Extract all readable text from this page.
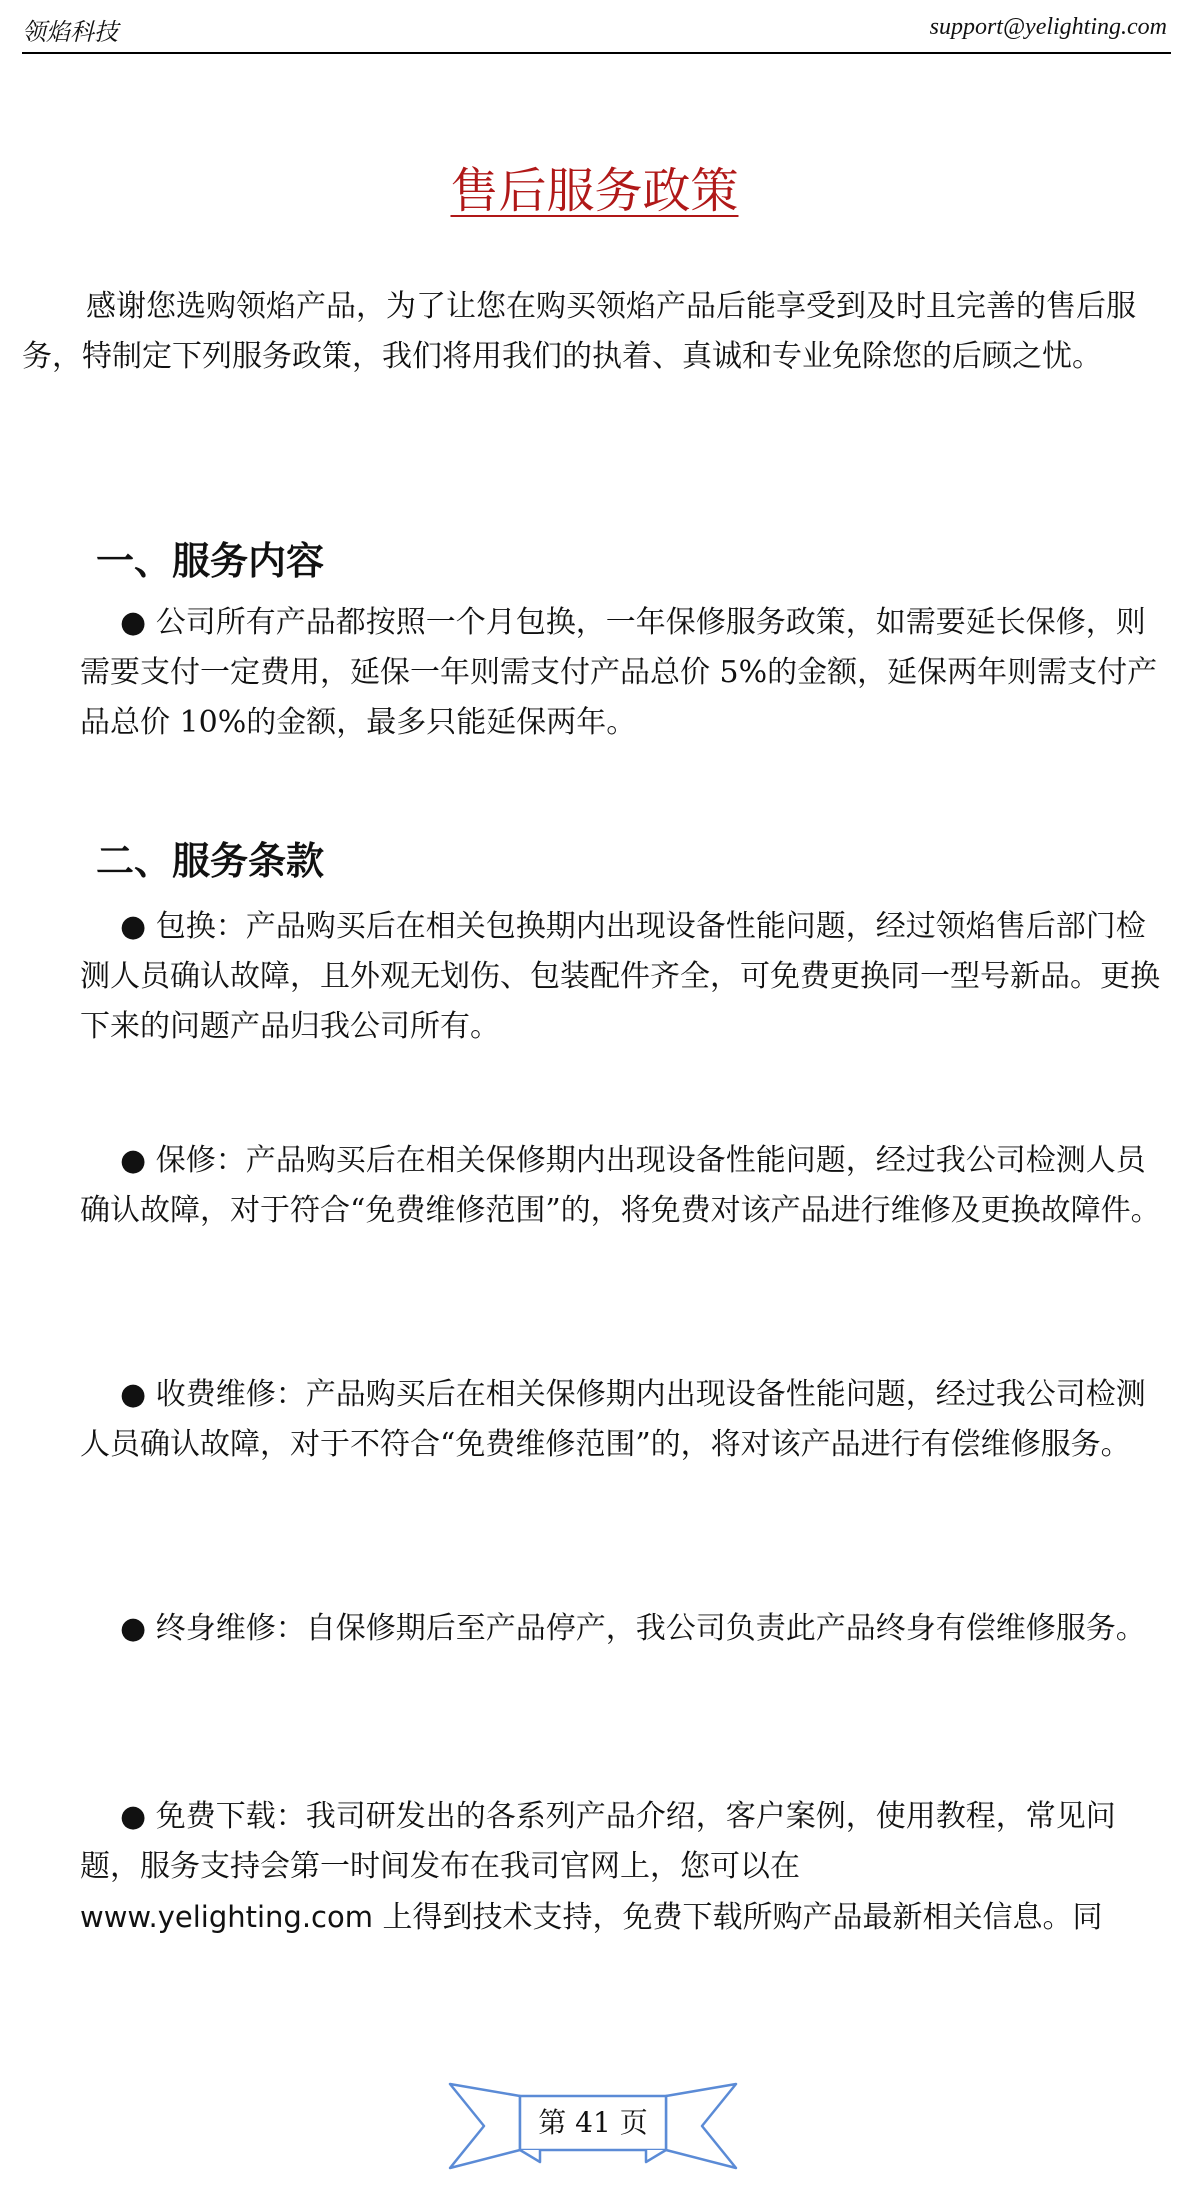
领焰科技	support@yelighting.com
售后服务政策

感谢您选购领焰产品，为了让您在购买领焰产品后能享受到及时且完善的售后服务，特制定下列服务政策，我们将用我们的执着、真诚和专业免除您的后顾之忧。

一、服务内容

● 公司所有产品都按照一个月包换，一年保修服务政策，如需要延长保修，则需要支付一定费用，延保一年则需支付产品总价 5%的金额，延保两年则需支付产品总价 10%的金额，最多只能延保两年。

二、服务条款

● 包换：产品购买后在相关包换期内出现设备性能问题，经过领焰售后部门检测人员确认故障，且外观无划伤、包装配件齐全，可免费更换同一型号新品。更换下来的问题产品归我公司所有。

● 保修：产品购买后在相关保修期内出现设备性能问题，经过我公司检测人员确认故障，对于符合“免费维修范围”的，将免费对该产品进行维修及更换故障件。

● 收费维修：产品购买后在相关保修期内出现设备性能问题，经过我公司检测人员确认故障，对于不符合“免费维修范围”的，将对该产品进行有偿维修服务。

● 终身维修：自保修期后至产品停产，我公司负责此产品终身有偿维修服务。

● 免费下载：我司研发出的各系列产品介绍，客户案例，使用教程，常见问题，服务支持会第一时间发布在我司官网上，您可以在
www.yelighting.com 上得到技术支持，免费下载所购产品最新相关信息。同

第 41 页
